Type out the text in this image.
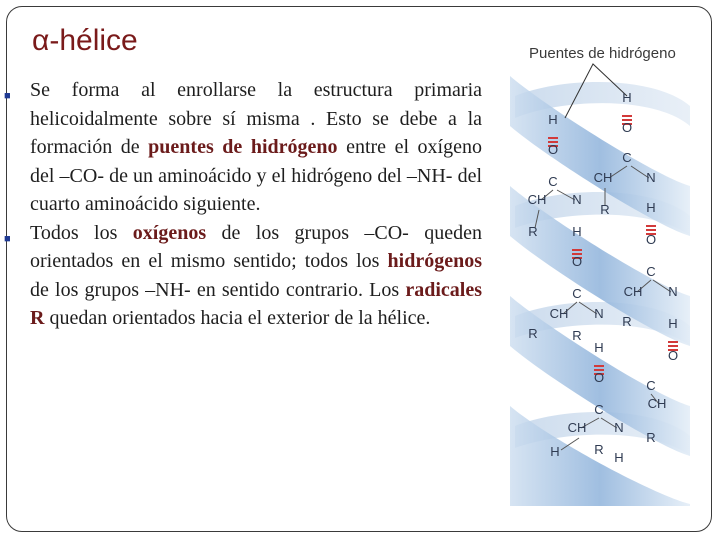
α-hélice
■ Se forma al enrollarse la estructura primaria helicoidalmente sobre sí misma . Esto se debe a la formación de puentes de hidrógeno entre el oxígeno del –CO- de un aminoácido y el hidrógeno del –NH- del cuarto aminoácido siguiente.
■ Todos los oxígenos de los grupos –CO- queden orientados en el mismo sentido; todos los hidrógenos de los grupos –NH- en sentido contrario. Los radicales R quedan orientados hacia el exterior de la hélice.
H
H
O
O
C
CH	N
C
CH N
H
R
R	H
O
O
C
CH N
C
CH N
R	H
R	R
H
O
O
C
CH
C
CH N
R
H	R
H
Puentes de hidrógeno
